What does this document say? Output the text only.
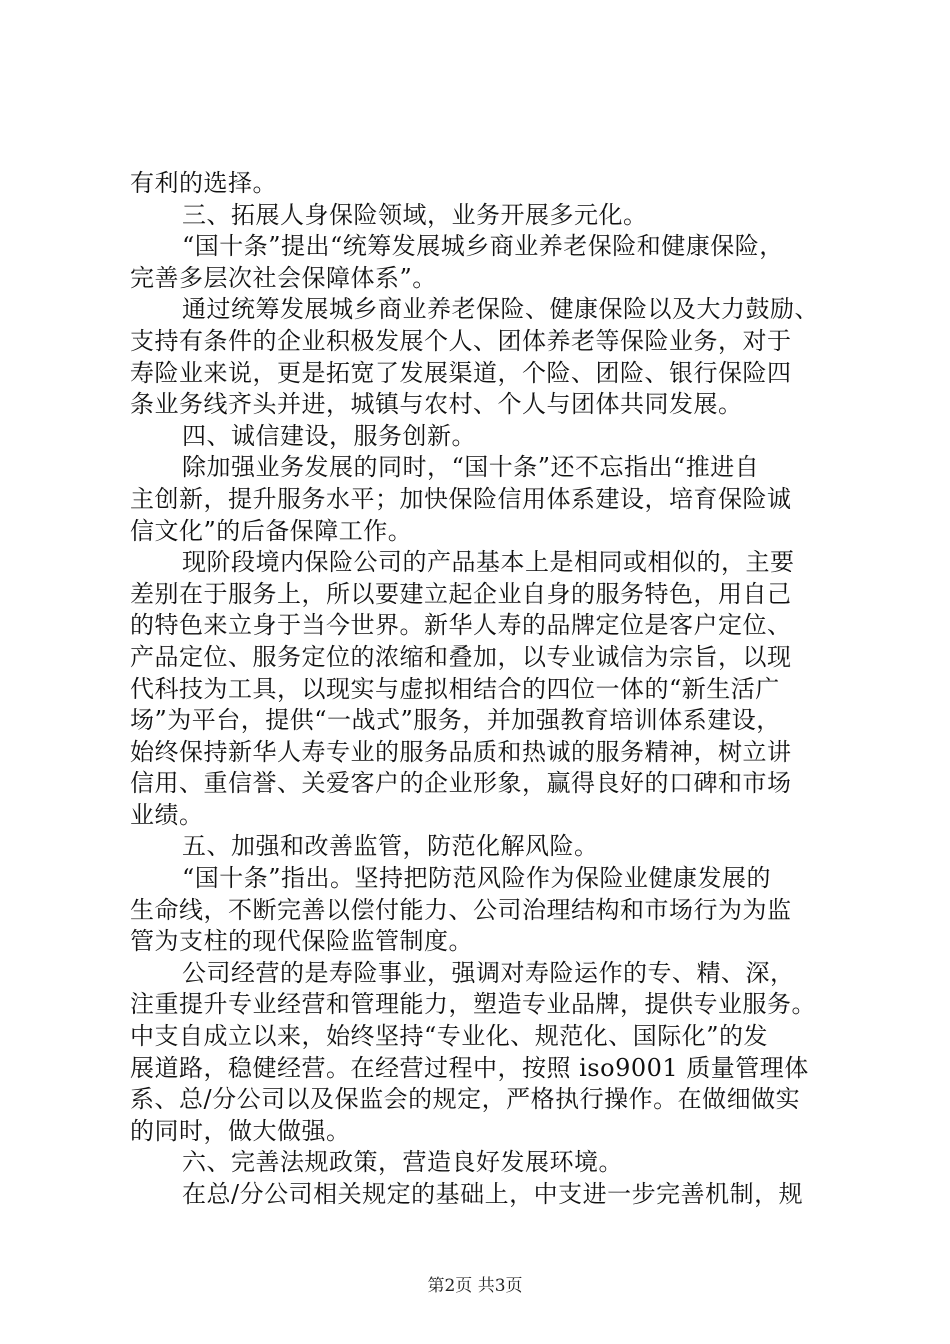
有利的选择。
三、拓展人身保险领域，业务开展多元化。
“国十条”提出“统筹发展城乡商业养老保险和健康保险，
完善多层次社会保障体系”。
通过统筹发展城乡商业养老保险、健康保险以及大力鼓励、
支持有条件的企业积极发展个人、团体养老等保险业务，对于
寿险业来说，更是拓宽了发展渠道，个险、团险、银行保险四
条业务线齐头并进，城镇与农村、个人与团体共同发展。
四、诚信建设，服务创新。
除加强业务发展的同时，“国十条”还不忘指出“推进自
主创新，提升服务水平；加快保险信用体系建设，培育保险诚
信文化”的后备保障工作。
现阶段境内保险公司的产品基本上是相同或相似的，主要
差别在于服务上，所以要建立起企业自身的服务特色，用自己
的特色来立身于当今世界。新华人寿的品牌定位是客户定位、
产品定位、服务定位的浓缩和叠加，以专业诚信为宗旨，以现
代科技为工具，以现实与虚拟相结合的四位一体的“新生活广
场”为平台，提供“一战式”服务，并加强教育培训体系建设，
始终保持新华人寿专业的服务品质和热诚的服务精神，树立讲
信用、重信誉、关爱客户的企业形象，赢得良好的口碑和市场
业绩。
五、加强和改善监管，防范化解风险。
“国十条”指出。坚持把防范风险作为保险业健康发展的
生命线，不断完善以偿付能力、公司治理结构和市场行为为监
管为支柱的现代保险监管制度。
公司经营的是寿险事业，强调对寿险运作的专、精、深，
注重提升专业经营和管理能力，塑造专业品牌，提供专业服务。
中支自成立以来，始终坚持“专业化、规范化、国际化”的发
展道路，稳健经营。在经营过程中，按照 iso9001 质量管理体
系、总/分公司以及保监会的规定，严格执行操作。在做细做实
的同时，做大做强。
六、完善法规政策，营造良好发展环境。
在总/分公司相关规定的基础上，中支进一步完善机制，规
第2页 共3页
